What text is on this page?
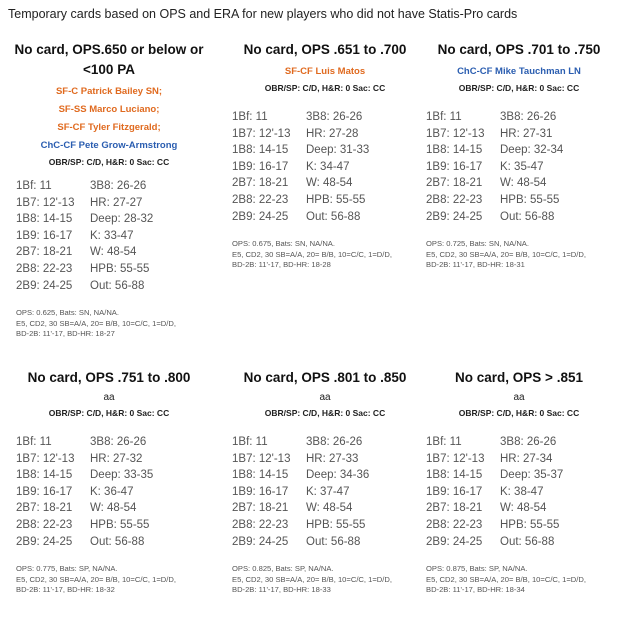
Temporary cards based on OPS and ERA for new players who did not have Statis-Pro cards
No card, OPS.650 or below or <100 PA
SF-C Patrick Bailey SN;
SF-SS Marco Luciano;
SF-CF Tyler Fitzgerald;
ChC-CF Pete Grow-Armstrong
OBR/SP: C/D, H&R: 0 Sac: CC
1Bf: 11	3B8: 26-26
1B7: 12'-13	HR: 27-27
1B8: 14-15	Deep: 28-32
1B9: 16-17	K: 33-47
2B7: 18-21	W: 48-54
2B8: 22-23	HPB: 55-55
2B9: 24-25	Out: 56-88
OPS: 0.625, Bats: SN, NA/NA.
E5, CD2, 30 SB=A/A, 20= B/B, 10=C/C, 1=D/D,
BD-2B: 11'-17, BD-HR: 18-27
No card, OPS .651 to .700
SF-CF Luis Matos
OBR/SP: C/D, H&R: 0 Sac: CC
1Bf: 11	3B8: 26-26
1B7: 12'-13	HR: 27-28
1B8: 14-15	Deep: 31-33
1B9: 16-17	K: 34-47
2B7: 18-21	W: 48-54
2B8: 22-23	HPB: 55-55
2B9: 24-25	Out: 56-88
OPS: 0.675, Bats: SN, NA/NA.
E5, CD2, 30 SB=A/A, 20= B/B, 10=C/C, 1=D/D,
BD-2B: 11'-17, BD-HR: 18-28
No card, OPS .701 to .750
ChC-CF Mike Tauchman LN
OBR/SP: C/D, H&R: 0 Sac: CC
1Bf: 11	3B8: 26-26
1B7: 12'-13	HR: 27-31
1B8: 14-15	Deep: 32-34
1B9: 16-17	K: 35-47
2B7: 18-21	W: 48-54
2B8: 22-23	HPB: 55-55
2B9: 24-25	Out: 56-88
OPS: 0.725, Bats: SN, NA/NA.
E5, CD2, 30 SB=A/A, 20= B/B, 10=C/C, 1=D/D,
BD-2B: 11'-17, BD-HR: 18-31
No card, OPS .751 to .800
aa
OBR/SP: C/D, H&R: 0 Sac: CC
1Bf: 11	3B8: 26-26
1B7: 12'-13	HR: 27-32
1B8: 14-15	Deep: 33-35
1B9: 16-17	K: 36-47
2B7: 18-21	W: 48-54
2B8: 22-23	HPB: 55-55
2B9: 24-25	Out: 56-88
OPS: 0.775, Bats: SP, NA/NA.
E5, CD2, 30 SB=A/A, 20= B/B, 10=C/C, 1=D/D,
BD-2B: 11'-17, BD-HR: 18-32
No card, OPS .801 to .850
aa
OBR/SP: C/D, H&R: 0 Sac: CC
1Bf: 11	3B8: 26-26
1B7: 12'-13	HR: 27-33
1B8: 14-15	Deep: 34-36
1B9: 16-17	K: 37-47
2B7: 18-21	W: 48-54
2B8: 22-23	HPB: 55-55
2B9: 24-25	Out: 56-88
OPS: 0.825, Bats: SP, NA/NA.
E5, CD2, 30 SB=A/A, 20= B/B, 10=C/C, 1=D/D,
BD-2B: 11'-17, BD-HR: 18-33
No card, OPS > .851
aa
OBR/SP: C/D, H&R: 0 Sac: CC
1Bf: 11	3B8: 26-26
1B7: 12'-13	HR: 27-34
1B8: 14-15	Deep: 35-37
1B9: 16-17	K: 38-47
2B7: 18-21	W: 48-54
2B8: 22-23	HPB: 55-55
2B9: 24-25	Out: 56-88
OPS: 0.875, Bats: SP, NA/NA.
E5, CD2, 30 SB=A/A, 20= B/B, 10=C/C, 1=D/D,
BD-2B: 11'-17, BD-HR: 18-34
